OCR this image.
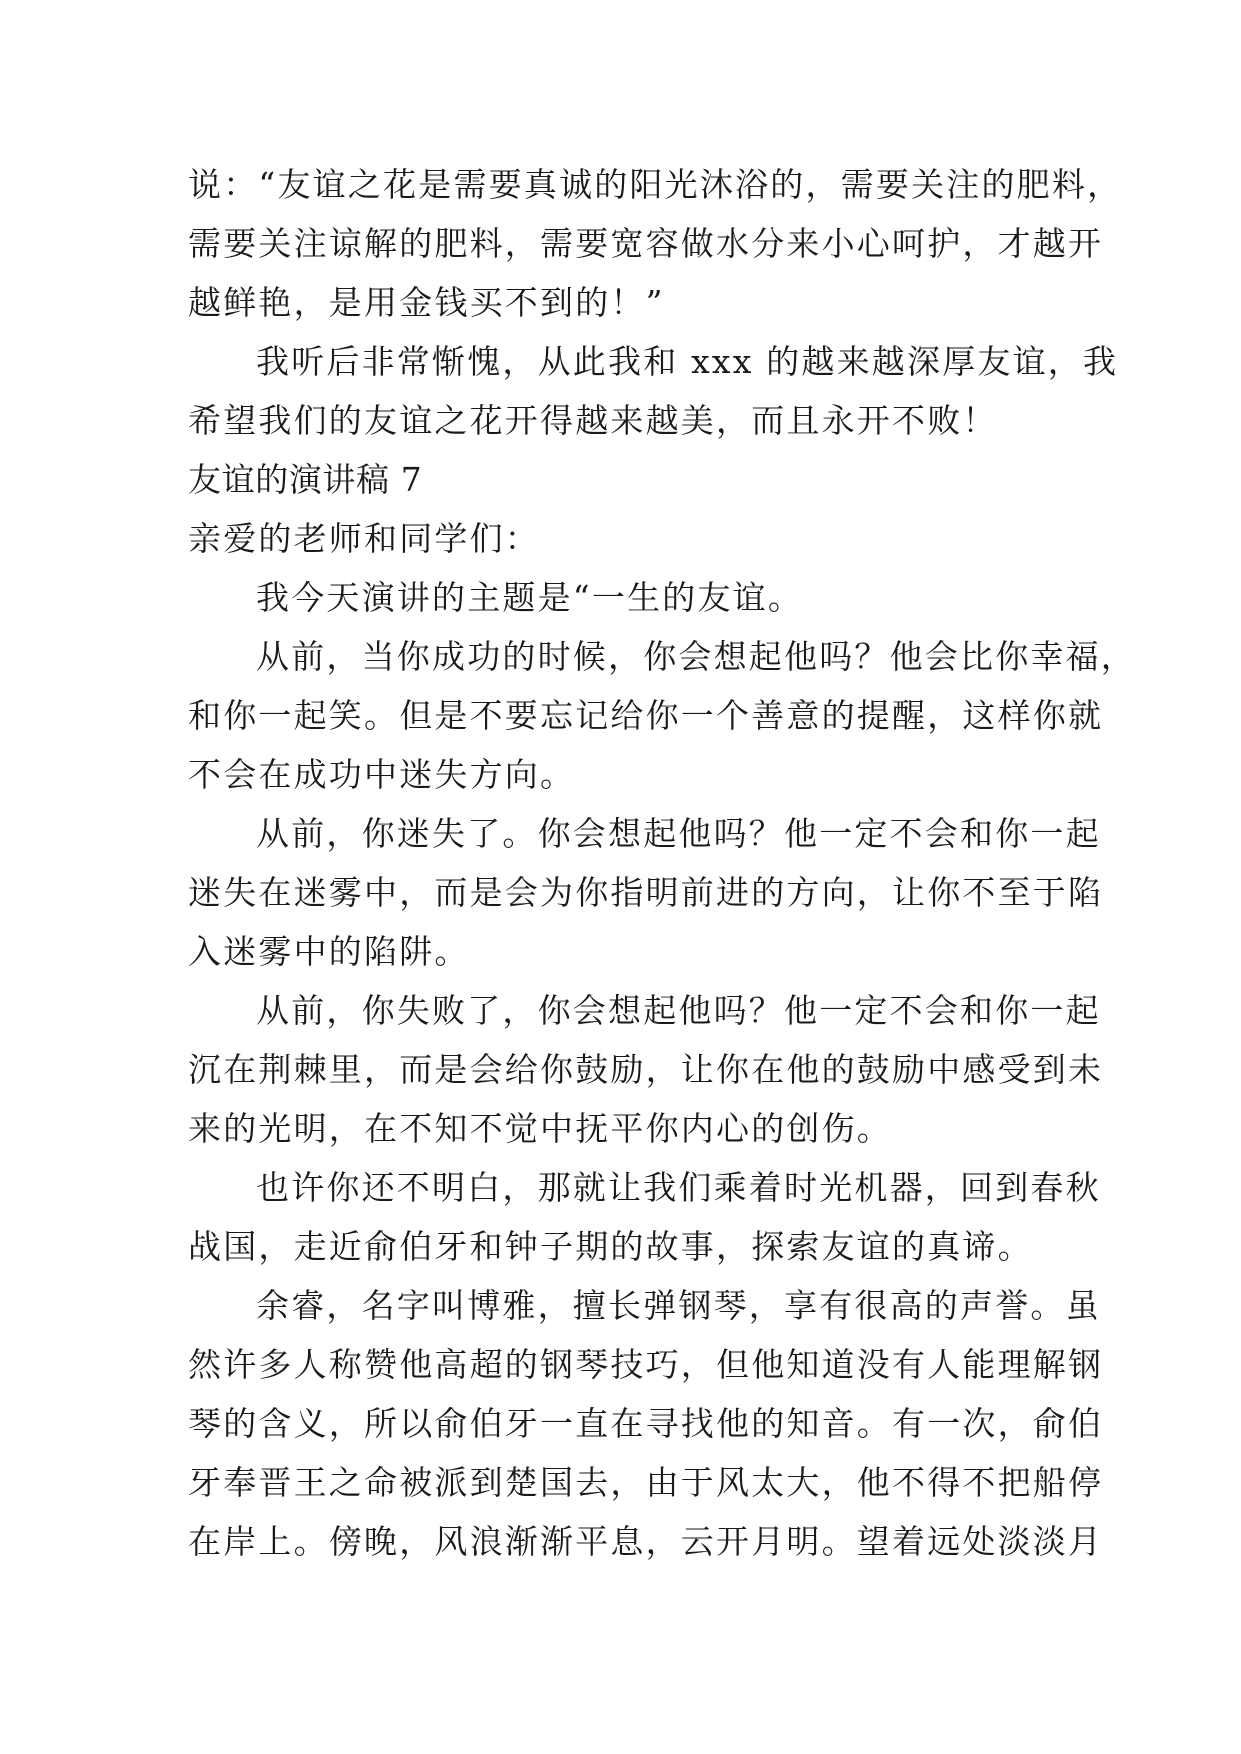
说：“友谊之花是需要真诚的阳光沐浴的，需要关注的肥料，
需要关注谅解的肥料，需要宽容做水分来小心呵护，才越开
越鲜艳，是用金钱买不到的！”
我听后非常惭愧，从此我和 xxx 的越来越深厚友谊，我
希望我们的友谊之花开得越来越美，而且永开不败！
友谊的演讲稿 7
亲爱的老师和同学们：
我今天演讲的主题是“一生的友谊。
从前，当你成功的时候，你会想起他吗？他会比你幸福，
和你一起笑。但是不要忘记给你一个善意的提醒，这样你就
不会在成功中迷失方向。
从前，你迷失了。你会想起他吗？他一定不会和你一起
迷失在迷雾中，而是会为你指明前进的方向，让你不至于陷
入迷雾中的陷阱。
从前，你失败了，你会想起他吗？他一定不会和你一起
沉在荆棘里，而是会给你鼓励，让你在他的鼓励中感受到未
来的光明，在不知不觉中抚平你内心的创伤。
也许你还不明白，那就让我们乘着时光机器，回到春秋
战国，走近俞伯牙和钟子期的故事，探索友谊的真谛。
余睿，名字叫博雅，擅长弹钢琴，享有很高的声誉。虽
然许多人称赞他高超的钢琴技巧，但他知道没有人能理解钢
琴的含义，所以俞伯牙一直在寻找他的知音。有一次，俞伯
牙奉晋王之命被派到楚国去，由于风太大，他不得不把船停
在岸上。傍晚，风浪渐渐平息，云开月明。望着远处淡淡月
